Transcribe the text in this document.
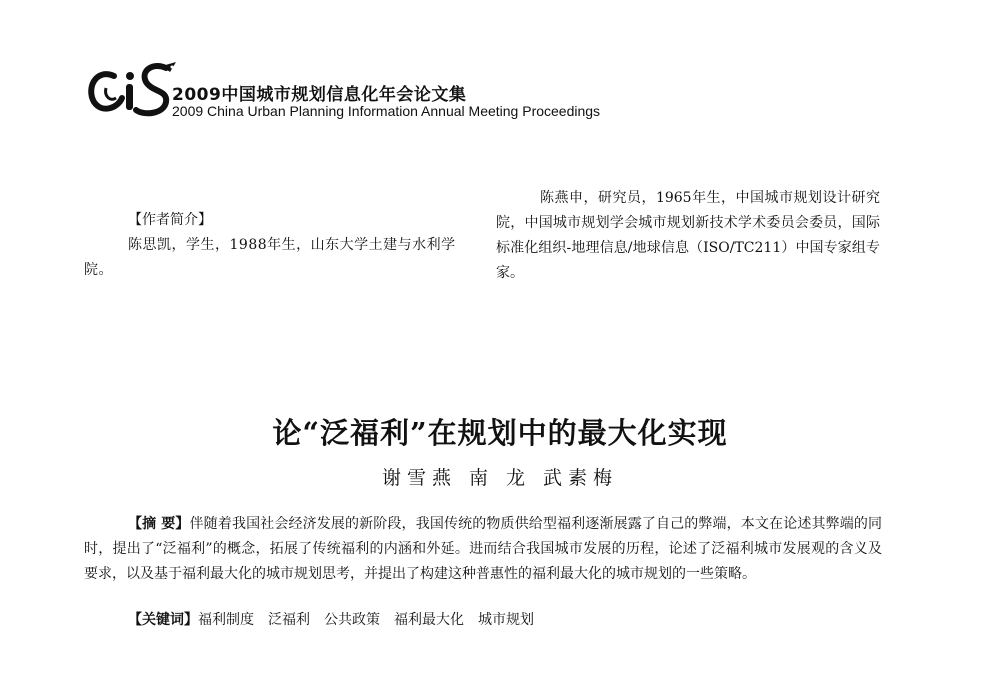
2009中国城市规划信息化年会论文集
2009 China Urban Planning Information Annual Meeting Proceedings
【作者简介】
陈思凯，学生，1988年生，山东大学土建与水利学院。
陈燕申，研究员，1965年生，中国城市规划设计研究院，中国城市规划学会城市规划新技术学术委员会委员，国际标准化组织-地理信息/地球信息（ISO/TC211）中国专家组专家。
论“泛福利”在规划中的最大化实现
谢雪燕 南 龙 武素梅

【摘 要】伴随着我国社会经济发展的新阶段，我国传统的物质供给型福利逐渐展露了自己的弊端，本文在论述其弊端的同时，提出了“泛福利”的概念，拓展了传统福利的内涵和外延。进而结合我国城市发展的历程，论述了泛福利城市发展观的含义及要求，以及基于福利最大化的城市规划思考，并提出了构建这种普惠性的福利最大化的城市规划的一些策略。

【关键词】福利制度 泛福利 公共政策 福利最大化 城市规划
